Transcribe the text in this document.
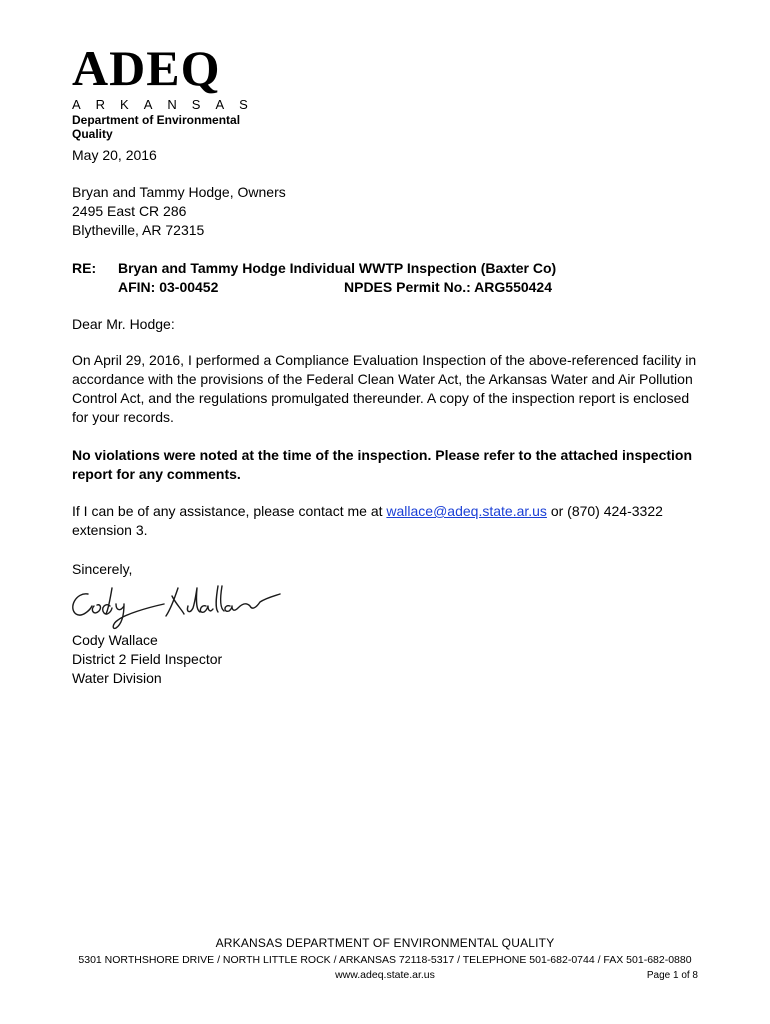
ADEQ
ARKANSAS
Department of Environmental Quality
May 20, 2016
Bryan and Tammy Hodge, Owners
2495 East CR 286
Blytheville, AR 72315
RE: Bryan and Tammy Hodge Individual WWTP Inspection (Baxter Co)
AFIN: 03-00452	NPDES Permit No.: ARG550424
Dear Mr. Hodge:
On April 29, 2016, I performed a Compliance Evaluation Inspection of the above-referenced facility in accordance with the provisions of the Federal Clean Water Act, the Arkansas Water and Air Pollution Control Act, and the regulations promulgated thereunder. A copy of the inspection report is enclosed for your records.
No violations were noted at the time of the inspection. Please refer to the attached inspection report for any comments.
If I can be of any assistance, please contact me at wallace@adeq.state.ar.us or (870) 424-3322 extension 3.
Sincerely,
Cody Wallace
District 2 Field Inspector
Water Division
ARKANSAS DEPARTMENT OF ENVIRONMENTAL QUALITY
5301 NORTHSHORE DRIVE / NORTH LITTLE ROCK / ARKANSAS 72118-5317 / TELEPHONE 501-682-0744 / FAX 501-682-0880
www.adeq.state.ar.us	Page 1 of 8
